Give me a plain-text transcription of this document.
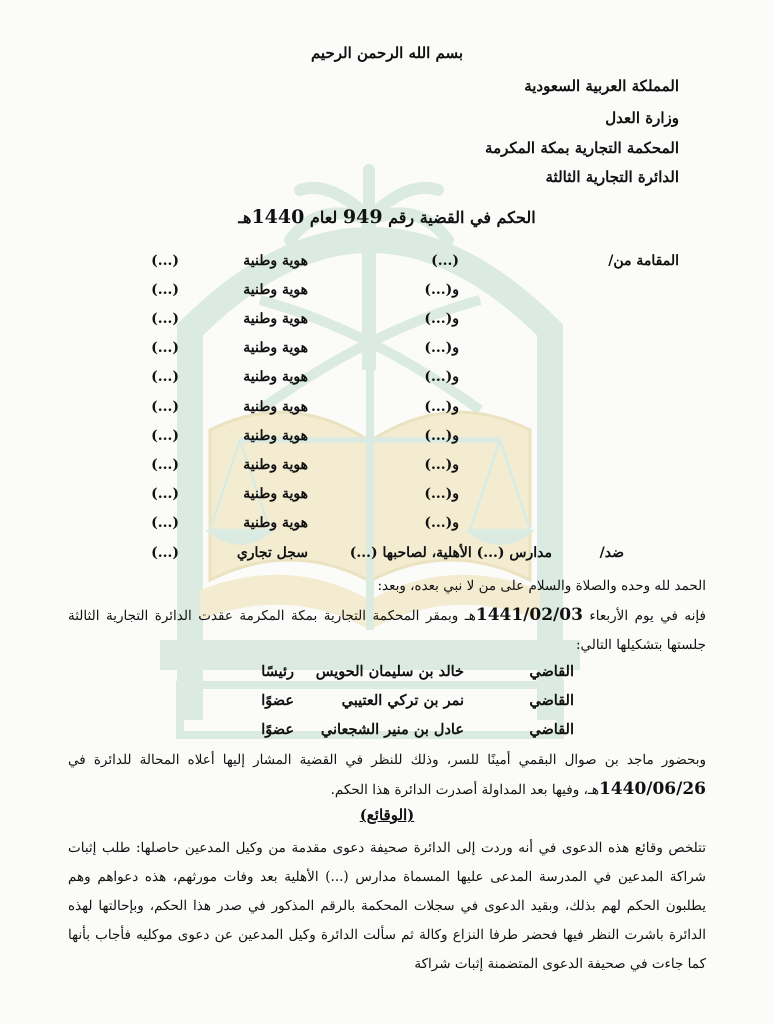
بسم الله الرحمن الرحيم
المملكة العربية السعودية
وزارة العدل
المحكمة التجارية بمكة المكرمة
الدائرة التجارية الثالثة
الحكم في القضية رقم 949 لعام 1440هـ
المقامة من/
(...)
هوية وطنية
(...)
و(...)
هوية وطنية
(...)
و(...)
هوية وطنية
(...)
و(...)
هوية وطنية
(...)
و(...)
هوية وطنية
(...)
و(...)
هوية وطنية
(...)
و(...)
هوية وطنية
(...)
و(...)
هوية وطنية
(...)
و(...)
هوية وطنية
(...)
و(...)
هوية وطنية
(...)
ضد/
مدارس (...) الأهلية، لصاحبها (...)
سجل تجاري
(...)
الحمد لله وحده والصلاة والسلام على من لا نبي بعده، وبعد:
فإنه في يوم الأربعاء 1441/02/03هـ وبمقر المحكمة التجارية بمكة المكرمة عقدت الدائرة التجارية الثالثة جلستها بتشكيلها التالي:
القاضي
خالد بن سليمان الحويس
رئيسًا
القاضي
نمر بن تركي العتيبي
عضوًا
القاضي
عادل بن منير الشجعاني
عضوًا
وبحضور ماجد بن صوال البقمي أمينًا للسر، وذلك للنظر في القضية المشار إليها أعلاه المحالة للدائرة في 1440/06/26هـ، وفيها بعد المداولة أصدرت الدائرة هذا الحكم.
(الوقائع)
تتلخص وقائع هذه الدعوى في أنه وردت إلى الدائرة صحيفة دعوى مقدمة من وكيل المدعين حاصلها: طلب إثبات شراكة المدعين في المدرسة المدعى عليها المسماة مدارس (...) الأهلية بعد وفات مورثهم، هذه دعواهم وهم يطلبون الحكم لهم بذلك، وبقيد الدعوى في سجلات المحكمة بالرقم المذكور في صدر هذا الحكم، وبإحالتها لهذه الدائرة باشرت النظر فيها فحضر طرفا النزاع وكالة ثم سألت الدائرة وكيل المدعين عن دعوى موكليه فأجاب بأنها كما جاءت في صحيفة الدعوى المتضمنة إثبات شراكة
